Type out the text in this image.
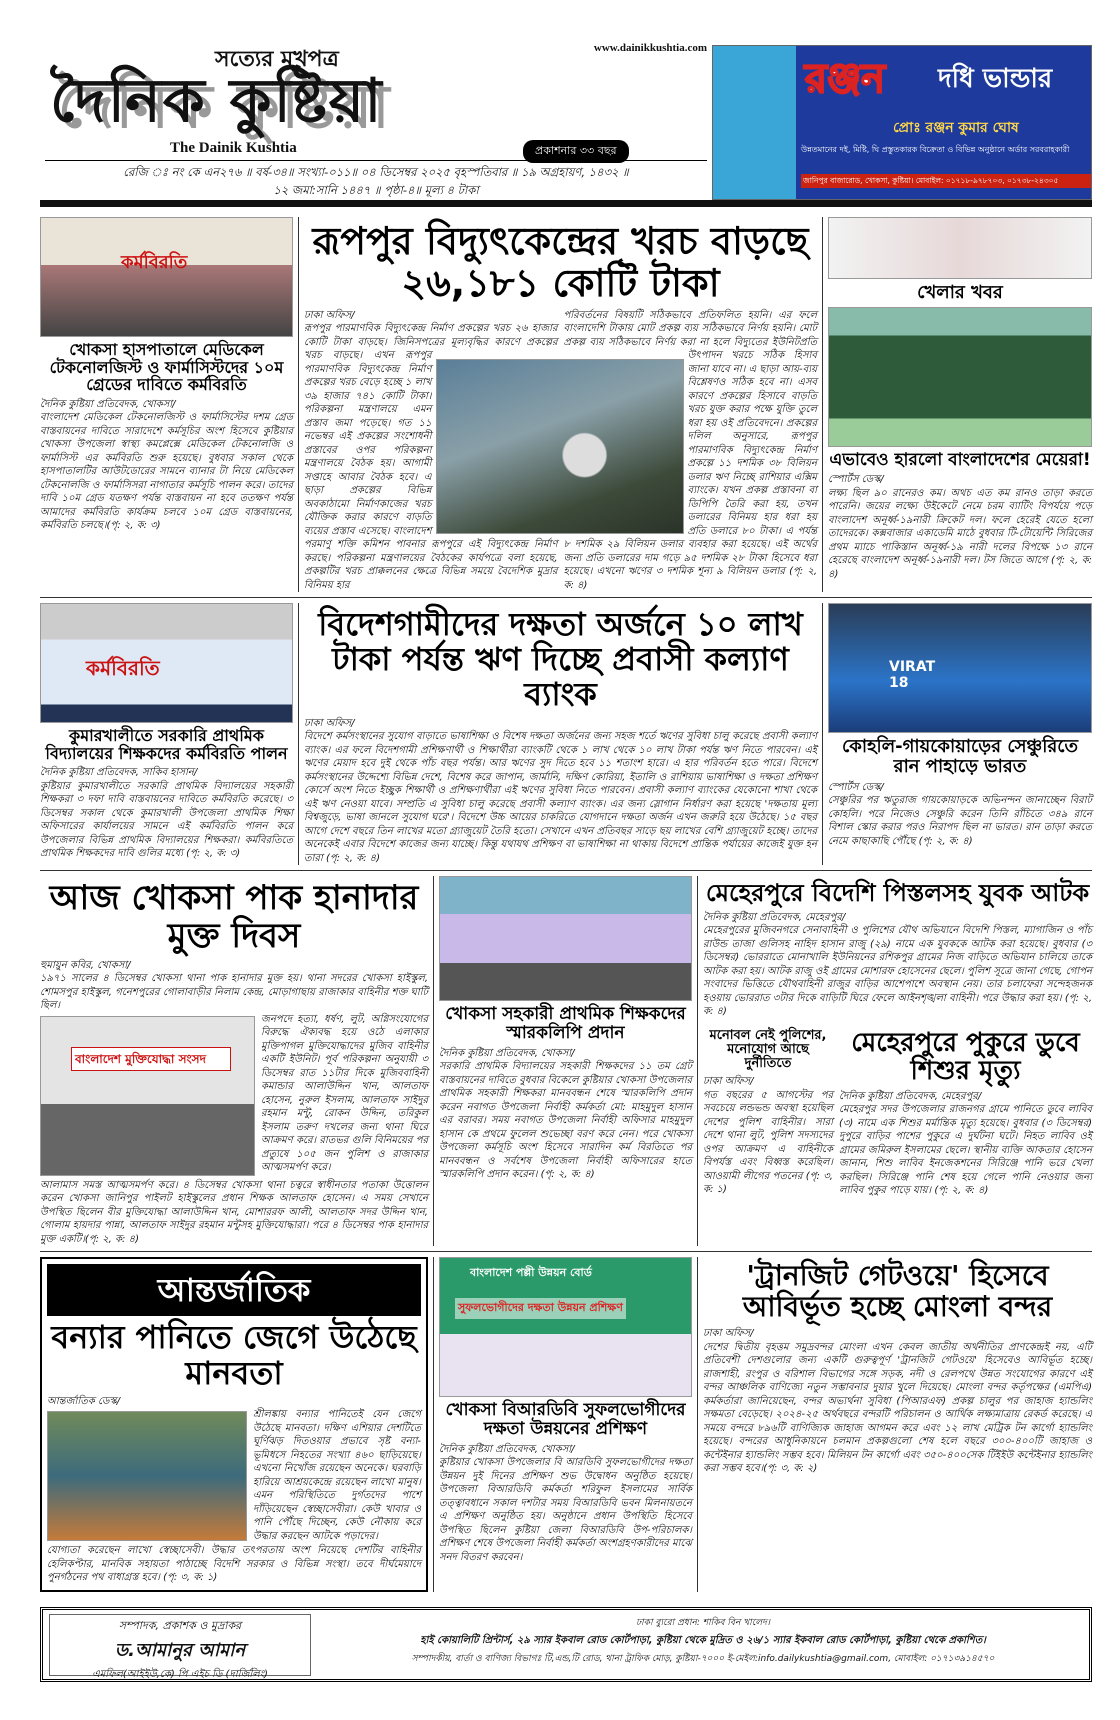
সত্যের মুখপত্র	www.dainikkushtia.com
দৈনিক কুষ্টিয়া
The Dainik Kushtia	প্রকাশনার ৩৩ বছর
রেজি ঃ নং কে এন২৭৬ ॥ বর্ষ-৩৪॥ সংখ্যা-০১১॥ ০৪ ডিসেম্বর ২০২৫ বৃহস্পতিবার ॥ ১৯ অগ্রহায়ণ, ১৪৩২ ॥
১২ জমা:সানি ১৪৪৭ ॥ পৃষ্ঠা-৪॥ মূল্য ৪ টাকা
রঞ্জন দধি ভান্ডার
প্রোঃ রঞ্জন কুমার ঘোষ
উন্নতমানের দই, মিষ্টি, ঘি প্রস্তুতকারক বিক্রেতা ও বিভিন্ন অনুষ্ঠানে অর্ডার সরবরাহকারী
জানিপুর বাজারোড, খোকসা, কুষ্টিয়া। মোবাইল: ০১৭১৮-৯৭৮৭০৩, ০১৭৩৮-২৪৩০৫
কর্মবিরতি
খোকসা হাসপাতালে মেডিকেল টেকনোলজিস্ট ও ফার্মাসিস্টদের ১০ম গ্রেডের দাবিতে কর্মবিরতি

দৈনিক কুষ্টিয়া প্রতিবেদক, খোকসা/

বাংলাদেশ মেডিকেল টেকনোলজিস্ট ও ফার্মাসিস্টের দশম গ্রেড বাস্তবায়নের দাবিতে সারাদেশে কর্মসূচির অংশ হিসেবে কুষ্টিয়ার খোকসা উপজেলা স্বাস্থ্য কমপ্লেক্সে মেডিকেল টেকনোলজি ও ফার্মাসিস্ট এর কর্মবিরতি শুরু হয়েছে। বুধবার সকাল থেকে হাসপাতালটির আউটডোরের সামনে ব্যানার টা নিয়ে মেডিকেল টেকনোলজি ও ফার্মাসিসরা নাগাতার কর্মসূচি পালন করে। তাদের দাবি ১০ম গ্রেড যতক্ষণ পর্যন্ত বাস্তবায়ন না হবে ততক্ষণ পর্যন্ত আমাদের কর্মবিরতি কার্যক্রম চলবে ১০ম গ্রেড বাস্তবায়নের, কর্মবিরতি চলছে।(পৃ: ২, ক: ৩)

রূপপুর বিদ্যুৎকেন্দ্রের খরচ বাড়ছে ২৬,১৮১ কোটি টাকা

ঢাকা অফিস/

রূপপুর পারমাণবিক বিদ্যুৎকেন্দ্র নির্মাণ প্রকল্পের খরচ ২৬ হাজার কোটি টাকা বাড়ছে। জিনিসপত্রের মূল্যবৃদ্ধির কারণে প্রকল্পের খরচ বাড়ছে। এখন রূপপুর পারমাণবিক বিদ্যুৎকেন্দ্র নির্মাণ প্রকল্পের খরচ বেড়ে হচ্ছে ১ লাখ ৩৯ হাজার ৭৪১ কোটি টাকা। পরিকল্পনা মন্ত্রণালয়ে এমন প্রস্তাব জমা পড়েছে। গত ১১ নভেম্বর এই প্রকল্পের সংশোধনী প্রস্তাবের ওপর পরিকল্পনা মন্ত্রণালয়ে বৈঠক হয়। আগামী সপ্তাহে আবার বৈঠক হবে। এ ছাড়া প্রকল্পের বিভিন্ন অবকাঠামো নির্মাণকাজের খরচ যৌক্তিক করার কারণে বাড়তি ব্যয়ের প্রস্তাব এসেছে। বাংলাদেশ পরমাণু শক্তি কমিশন পাবনার রূপপুরে এই বিদ্যুৎকেন্দ্র নির্মাণ করছে। পরিকল্পনা মন্ত্রণালয়ের বৈঠকের কার্যপত্রে বলা হয়েছে, প্রকল্পটির খরচ প্রাক্কলনের ক্ষেত্রে বিভিন্ন সময়ে বৈদেশিক মুদ্রার বিনিময় হার

পরিবর্তনের বিষয়টি সঠিকভাবে প্রতিফলিত হয়নি। এর ফলে বাংলাদেশি টাকায় মোট প্রকল্প ব্যয় সঠিকভাবে নির্ণয় হয়নি। মোট প্রকল্প ব্যয় সঠিকভাবে নির্ণয় করা না হলে বিদ্যুতের ইউনিটপ্রতি উৎপাদন খরচে সঠিক হিসাব জানা যাবে না। এ ছাড়া আয়-ব্যয় বিশ্লেষণও সঠিক হবে না। এসব কারণে প্রকল্পের হিসাবে বাড়তি খরচ যুক্ত করার পক্ষে যুক্তি তুলে ধরা হয় ওই প্রতিবেদনে। প্রকল্পের দলিল অনুসারে, রূপপুর পারমাণবিক বিদ্যুৎকেন্দ্র নির্মাণ প্রকল্পে ১১ দশমিক ৩৮ বিলিয়ন ডলার ঋণ নিচ্ছে রাশিয়ার এক্সিম ব্যাংকে। যখন প্রকল্প প্রস্তাবনা বা ডিপিপি তৈরি করা হয়, তখন ডলারের বিনিময় হার ধরা হয় প্রতি ডলারে ৮০ টাকা। এ পর্যন্ত ৮ দশমিক ২৯ বিলিয়ন ডলার ব্যবহার করা হয়েছে। এই অর্থের জন্য প্রতি ডলারের দাম গড়ে ৯৫ দশমিক ২৮ টাকা হিসেবে ধরা হয়েছে। এখনো ঋণের ৩ দশমিক শূন্য ৯ বিলিয়ন ডলার (পৃ: ২, ক: ৪)

খেলার খবর
এভাবেও হারলো বাংলাদেশের মেয়েরা!

স্পোর্টস ডেস্ক/

লক্ষ্য ছিল ৯০ রানেরও কম। অথচ এত কম রানও তাড়া করতে পারেনি। জয়ের লক্ষ্যে উইকেটে নেমে চরম ব্যাটিং বিপর্যয়ে পড়ে বাংলাদেশ অনূর্ধ্ব-১৯নারী ক্রিকেট দল। ফলে হেরেই যেতে হলো তাদেরকে। কক্সবাজার একাডেমি মাঠে বুধবার টি-টোয়েন্টি সিরিজের প্রথম ম্যাচে পাকিস্তান অনূর্ধ্ব-১৯ নারী দলের বিপক্ষে ১৩ রানে হেরেছে বাংলাদেশ অনূর্ধ্ব-১৯নারী দল। টস জিতে আগে (পৃ: ২, ক: ৪)

কর্মবিরতি
কুমারখালীতে সরকারি প্রাথমিক বিদ্যালয়ের শিক্ষকদের কর্মবিরতি পালন

দৈনিক কুষ্টিয়া প্রতিবেদক, সাকিব হাসান/

কুষ্টিয়ার কুমারখালীতে সরকারি প্রাথমিক বিদ্যালয়ের সহকারী শিক্ষকরা ৩ দফা দাবি বাস্তবায়নের দাবিতে কর্মবিরতি করেছে। ৩ ডিসেম্বর সকাল থেকে কুমারখালী উপজেলা প্রাথমিক শিক্ষা অফিসারের কার্যালয়ের সামনে এই কর্মবিরতি পালন করে উপজেলার বিভিন্ন প্রাথমিক বিদ্যালয়ের শিক্ষকরা। কর্মবিরতিতে প্রাথমিক শিক্ষকদের দাবি গুলির মধ্যে (পৃ: ২, ক: ৩)

বিদেশগামীদের দক্ষতা অর্জনে ১০ লাখ টাকা পর্যন্ত ঋণ দিচ্ছে প্রবাসী কল্যাণ ব্যাংক

ঢাকা অফিস/

বিদেশে কর্মসংস্থানের সুযোগ বাড়াতে ভাষাশিক্ষা ও বিশেষ দক্ষতা অর্জনের জন্য সহজ শর্তে ঋণের সুবিধা চালু করেছে প্রবাসী কল্যাণ ব্যাংক। এর ফলে বিদেশগামী প্রশিক্ষণার্থী ও শিক্ষার্থীরা ব্যাংকটি থেকে ১ লাখ থেকে ১০ লাখ টাকা পর্যন্ত ঋণ নিতে পারবেন। এই ঋণের মেয়াদ হবে দুই থেকে পাঁচ বছর পর্যন্ত। আর ঋণের সুদ দিতে হবে ১১ শতাংশ হারে। এ হার পরিবর্তন হতে পারে। বিদেশে কর্মসংস্থানের উদ্দেশ্যে বিভিন্ন দেশে, বিশেষ করে জাপান, জার্মানি, দক্ষিণ কোরিয়া, ইতালি ও রাশিয়ায় ভাষাশিক্ষা ও দক্ষতা প্রশিক্ষণ কোর্সে অংশ নিতে ইচ্ছুক শিক্ষার্থী ও প্রশিক্ষণার্থীরা এই ঋণের সুবিধা নিতে পারবেন। প্রবাসী কল্যাণ ব্যাংকের যেকোনো শাখা থেকে এই ঋণ নেওয়া যাবে। সম্প্রতি এ সুবিধা চালু করেছে প্রবাসী কল্যাণ ব্যাংক। এর জন্য স্লোগান নির্ধারণ করা হয়েছে 'দক্ষতায় মূল্য বিশ্বজুড়ে, ভাষা জানলে সুযোগ ঘরে'। বিদেশে উচ্চ আয়ের চাকরিতে যোগদানে দক্ষতা অর্জন এখন জরুরি হয়ে উঠেছে। ১৫ বছর আগে দেশে বছরে তিন লাখের মতো গ্র্যাজুয়েট তৈরি হতো। সেখানে এখন প্রতিবছর সাড়ে ছয় লাখের বেশি গ্র্যাজুয়েট হচ্ছে। তাদের অনেকেই এবার বিদেশে কাজের জন্য যাচ্ছে। কিন্তু যথাযথ প্রশিক্ষণ বা ভাষাশিক্ষা না থাকায় বিদেশে প্রান্তিক পর্যায়ের কাজেই যুক্ত হন তারা (পৃ: ২, ক: ৪)

VIRAT 18
কোহলি-গায়কোয়াড়ের সেঞ্চুরিতে রান পাহাড়ে ভারত

স্পোর্টস ডেস্ক/

সেঞ্চুরির পর ঋতুরাজ গায়কোয়াড়কে অভিনন্দন জানাচ্ছেন বিরাট কোহলি। পরে নিজেও সেঞ্চুরি করেন তিনি রাঁচিতে ৩৪৯ রানে বিশাল স্কোর করার পরও নিরাপদ ছিল না ভারত। রান তাড়া করতে নেমে কাছাকাছি পৌঁছে (পৃ: ২, ক: ৪)

আজ খোকসা পাক হানাদার মুক্ত দিবস

হুমায়ুন কবির, খোকসা/

১৯৭১ সালের ৪ ডিসেম্বর খোকসা থানা পাক হানাদার মুক্ত হয়। থানা সদরের খোকসা হাইস্কুল, শোমসপুর হাইস্কুল, গনেশপুরের গোলাবাড়ীর নিলাম কেন্দ্র, মোড়াগাছায় রাজাকার বাহিনীর শক্ত ঘাটি ছিল।

বাংলাদেশ মুক্তিযোদ্ধা সংসদ

জনপদে হত্যা, ধর্ষণ, লুট, অগ্নিসংযোগের বিরুদ্ধে ঐক্যবদ্ধ হয়ে ওঠে এলাকার মুক্তিপাগল মুক্তিযোদ্ধাদের মুজিব বাহিনীর একটি ইউনিট। পূর্ব পরিকল্পনা অনুযায়ী ৩ ডিসেম্বর রাত ১১টার দিকে মুজিববাহিনী কমান্ডার আলাউদ্দিন খান, আলতাফ হোসেন, নুরুল ইসলাম, আলতাফ সাইদুর রহমান মন্টু, রোকন উদ্দিন, তরিকুল ইসলাম তরুণ দখলের জন্য থানা ঘিরে আক্রমণ করে। রাতভর গুলি বিনিময়ের পর প্রত্যুষে ১০৫ জন পুলিশ ও রাজাকার আত্মসমর্পণ করে।

আলামাস সমস্ত আত্মসমর্পণ করে। ৪ ডিসেম্বর খোকসা থানা চত্বরে স্বাধীনতার পতাকা উত্তোলন করেন খোকসা জানিপুর পাইলট হাইস্কুলের প্রধান শিক্ষক আলতাফ হোসেন। এ সময় সেখানে উপস্থিত ছিলেন বীর মুক্তিযোদ্ধা আলাউদ্দিন খান, মোশাররফ আলী, আলতাফ সদর উদ্দিন খান, গোলাম হায়দার পান্না, আলতাফ সাইদুর রহমান মন্টুসহ মুক্তিযোদ্ধারা। পরে ৪ ডিসেম্বর পাক হানাদার মুক্ত একটি।(পৃ: ২, ক: ৪)

খোকসা সহকারী প্রাথমিক শিক্ষকদের স্মারকলিপি প্রদান

দৈনিক কুষ্টিয়া প্রতিবেদক, খোকসা/

সরকারি প্রাথমিক বিদ্যালয়ের সহকারী শিক্ষকদের ১১ তম গ্রেট বাস্তবায়নের দাবিতে বুধবার বিকেলে কুষ্টিয়ার খোকসা উপজেলার প্রাথমিক সহকারী শিক্ষকরা মানববন্ধন শেষে স্মারকলিপি প্রদান করেন নবাগত উপজেলা নির্বাহী কর্মকর্তা মো: মাহমুদুল হাসান এর বরাবর। সময় নবাগত উপজেলা নির্বাহী অফিসার মাহমুদুল হাসান কে প্রথমে ফুলেল শুভেচ্ছা বরণ করে নেন। পরে খোকসা উপজেলা কর্মসূচি অংশ হিসেবে সারাদিন কর্ম বিরতিতে পর মানববন্ধন ও সর্বশেষ উপজেলা নির্বাহী অফিসারের হাতে স্মারকলিপি প্রদান করেন। (পৃ: ২, ক: ৪)

মেহেরপুরে বিদেশি পিস্তলসহ যুবক আটক

দৈনিক কুষ্টিয়া প্রতিবেদক, মেহেরপুর/

মেহেরপুরের মুজিবনগরে সেনাবাহিনী ও পুলিশের যৌথ অভিযানে বিদেশি পিস্তল, ম্যাগাজিন ও পাঁচ রাউন্ড তাজা গুলিসহ নাহিদ হাসান রাজু (২৯) নামে এক যুবককে আটক করা হয়েছে। বুধবার (৩ ডিসেম্বর) ভোররাতে মোনাখালি ইউনিয়নের রশিকপুর গ্রামের নিজ বাড়িতে অভিযান চালিয়ে তাকে আটক করা হয়। আটক রাজু ওই গ্রামের মোশারফ হোসেনের ছেলে। পুলিশ সূত্রে জানা গেছে, গোপন সংবাদের ভিত্তিতে যৌথবাহিনী রাজুর বাড়ির আশেপাশে অবস্থান নেয়। তার চলাফেরা সন্দেহজনক হওয়ায় ভোররাত ৩টার দিকে বাড়িটি ঘিরে ফেলে আইনশৃঙ্খলা বাহিনী। পরে উদ্ধার করা হয়। (পৃ: ২, ক: ৪)

মনোবল নেই পুলিশের, মনোযোগ আছে দুর্নীতিতে

ঢাকা অফিস/

গত বছরের ৫ আগস্টের পর সবচেয়ে লন্ডভন্ড অবস্থা হয়েছিল দেশের পুলিশ বাহিনীর। সারা দেশে থানা লুট, পুলিশ সদস্যদের ওপর আক্রমণ এ বাহিনীকে বিপর্যস্ত এবং বিধ্বস্ত করেছিল। আওয়ামী লীগের পতনের (পৃ: ৩, ক: ১)

মেহেরপুরে পুকুরে ডুবে শিশুর মৃত্যু

দৈনিক কুষ্টিয়া প্রতিবেদক, মেহেরপুর/

মেহেরপুর সদর উপজেলার রাজনগর গ্রামে পানিতে ডুবে লাবিব (৩) নামে এক শিশুর মর্মান্তিক মৃত্যু হয়েছে। বুধবার (৩ ডিসেম্বর) দুপুরে বাড়ির পাশের পুকুরে এ দুর্ঘটনা ঘটে। নিহত লাবিব ওই গ্রামের জমিরুল ইসলামের ছেলে। স্থানীয় ব্যক্তি আকতার হোসেন জানান, শিশু লাবিব ইনজেকশনের সিরিঞ্জে পানি ভরে খেলা করছিল। সিরিঞ্জে পানি শেষ হয়ে গেলে পানি নেওয়ার জন্য লাবিব পুকুর পাড়ে যায়। (পৃ: ২, ক: ৪)

আন্তর্জাতিক
বন্যার পানিতে জেগে উঠেছে মানবতা

আন্তর্জাতিক ডেস্ক/

শ্রীলঙ্কায় বন্যার পানিতেই যেন জেগে উঠেছে মানবতা। দক্ষিণ এশিয়ার দেশটিতে ঘূর্ণিঝড় দিতওয়ার প্রভাবে সৃষ্ট বন্যা-ভূমিধসে নিহতের সংখ্যা ৪৬০ ছাড়িয়েছে। এখনো নিখোঁজ রয়েছেন অনেকে। ঘরবাড়ি হারিয়ে আশ্রয়কেন্দ্রে রয়েছেন লাখো মানুষ। এমন পরিস্থিতিতে দুর্গতদের পাশে দাঁড়িয়েছেন স্বেচ্ছাসেবীরা। কেউ খাবার ও পানি পৌঁছে দিচ্ছেন, কেউ নৌকায় করে উদ্ধার করছেন আটকে পড়াদের।

যোগ্যতা করেছেন লাখো স্বেচ্ছাসেবী। উদ্ধার তৎপরতায় অংশ নিয়েছে দেশটির বাহিনীর হেলিকপ্টার, মানবিক সহায়তা পাঠাচ্ছে বিদেশি সরকার ও বিভিন্ন সংস্থা। তবে দীর্ঘমেয়াদে পুনর্গঠনের পথ বাধাগ্রস্ত হবে। (পৃ: ৩, ক: ১)

বাংলাদেশ পল্লী উন্নয়ন বোর্ড
সুফলভোগীদের দক্ষতা উন্নয়ন প্রশিক্ষণ
খোকসা বিআরডিবি সুফলভোগীদের দক্ষতা উন্নয়নের প্রশিক্ষণ

দৈনিক কুষ্টিয়া প্রতিবেদক, খোকসা/

কুষ্টিয়ার খোকসা উপজেলার বি আরডিবি সুফলভোগীদের দক্ষতা উন্নয়ন দুই দিনের প্রশিক্ষণ শুভ উদ্বোধন অনুষ্ঠিত হয়েছে। উপজেলা বিআরডিবি কর্মকর্তা শরিফুল ইসলামের সার্বিক তত্ত্বাবধানে সকাল দশটার সময় বিআরডিবি ভবন মিলনায়তনে এ প্রশিক্ষণ অনুষ্ঠিত হয়। অনুষ্ঠানে প্রধান উপস্থিতি হিসেবে উপস্থিত ছিলেন কুষ্টিয়া জেলা বিআরডিবি উপ-পরিচালক। প্রশিক্ষণ শেষে উপজেলা নির্বাহী কর্মকর্তা অংশগ্রহণকারীদের মাঝে সনদ বিতরণ করবেন।

'ট্রানজিট গেটওয়ে' হিসেবে আবির্ভূত হচ্ছে মোংলা বন্দর

ঢাকা অফিস/

দেশের দ্বিতীয় বৃহত্তম সমুদ্রবন্দর মোংলা এখন কেবল জাতীয় অর্থনীতির প্রাণকেন্দ্রই নয়, এটি প্রতিবেশী দেশগুলোর জন্য একটি গুরুত্বপূর্ণ 'ট্রানজিট গেটওয়ে' হিসেবেও আবির্ভূত হচ্ছে। রাজশাহী, রংপুর ও বরিশাল বিভাগের সঙ্গে সড়ক, নদী ও রেলপথে উন্নত সংযোগের কারণে এই বন্দর আঞ্চলিক বাণিজ্যে নতুন সম্ভাবনার দুয়ার খুলে দিয়েছে। মোংলা বন্দর কর্তৃপক্ষের (এমপিএ) কর্মকর্তারা জানিয়েছেন, বন্দর অভ্যর্থনা সুবিধা (পিআরএফ) প্রকল্প চালুর পর জাহাজ হ্যান্ডলিং সক্ষমতা বেড়েছে। ২০২৪-২৫ অর্থবছরে বন্দরটি পরিচালন ও আর্থিক লক্ষ্যমাত্রায় রেকর্ড করেছে। এ সময়ে বন্দরে ৮৯৬টি বাণিজ্যিক জাহাজ আগমন করে এবং ১২ লাখ মেট্রিক টন কার্গো হ্যান্ডলিং হয়েছে। বন্দরের আধুনিকায়নে চলমান প্রকল্পগুলো শেষ হলে বছরে ৩০০-৪০০টি জাহাজ ও কন্টেইনার হ্যান্ডলিং সম্ভব হবে। মিলিয়ন টন কার্গো এবং ৩৫০-৪০০সেক টিইইউ কন্টেইনার হ্যান্ডলিং করা সম্ভব হবে।(পৃ: ৩, ক: ২)

সম্পাদক, প্রকাশক ও মুদ্রাকর
ড.আমানুর আমান
এমফিল(আইইউ,কে) পি এইচ ডি (দার্জিলিং)
ঢাকা ব্যুরো প্রধান: শাকিব বিন খালেদ।
হাই কোয়ালিটি প্রিন্টার্স, ২৯ স্যার ইকবাল রোড কোর্টপাড়া, কুষ্টিয়া থেকে মুদ্রিত ও ২৬/১ স্যার ইকবাল রোড কোর্টপাড়া, কুষ্টিয়া থেকে প্রকাশিত।
সম্পাদকীয়, বার্তা ও বাণিজ্য বিভাগঃ টি,এন্ড,টি রোড, থানা ট্রাফিক মোড়, কুষ্টিয়া-৭০০০ ই-মেইল:info.dailykushtia@gmail.com, মোবাইল: ০১৭১৩৯১৪৫৭০
